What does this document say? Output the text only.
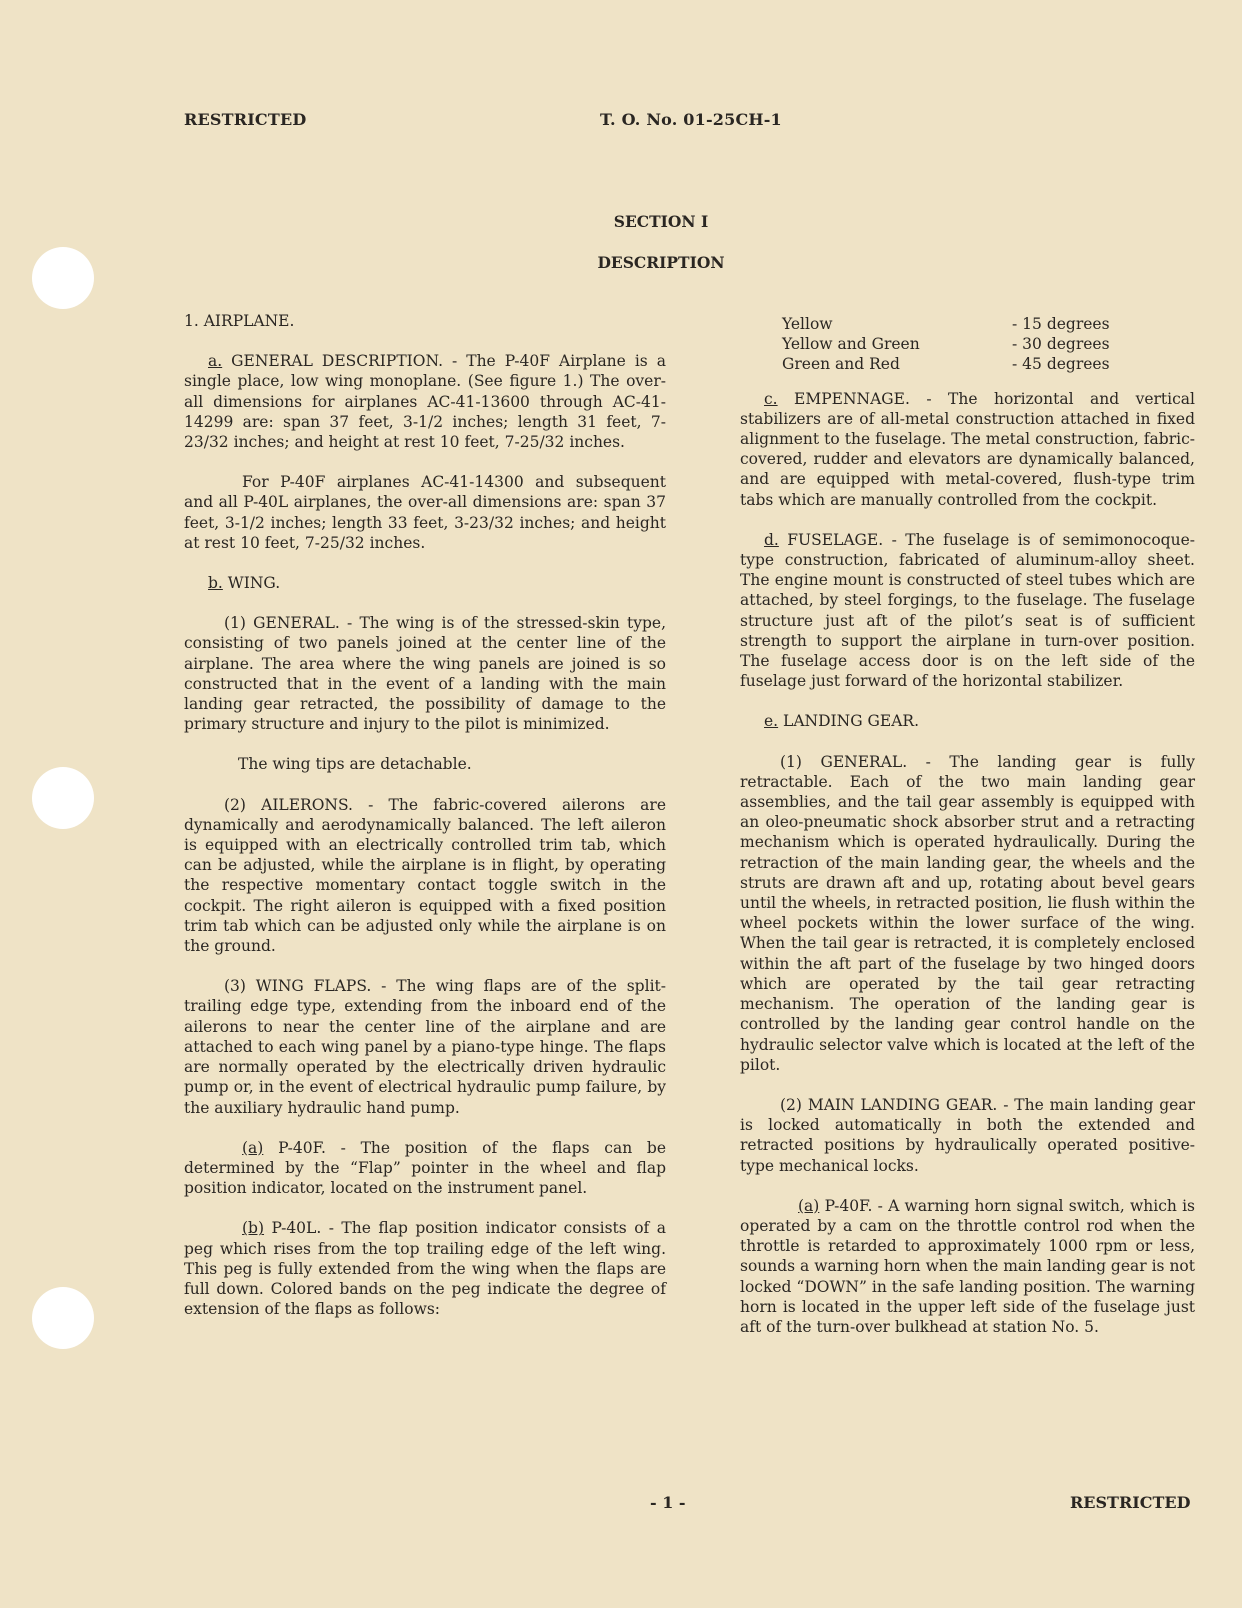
RESTRICTED	T. O. No. 01-25CH-1
SECTION I
DESCRIPTION

1. AIRPLANE.

a. GENERAL DESCRIPTION. - The P-40F Airplane is a single place, low wing monoplane. (See figure 1.) The over-all dimensions for airplanes AC-41-13600 through AC-41-14299 are: span 37 feet, 3-1/2 inches; length 31 feet, 7-23/32 inches; and height at rest 10 feet, 7-25/32 inches.

For P-40F airplanes AC-41-14300 and subsequent and all P-40L airplanes, the over-all dimensions are: span 37 feet, 3-1/2 inches; length 33 feet, 3-23/32 inches; and height at rest 10 feet, 7-25/32 inches.

b. WING.

(1) GENERAL. - The wing is of the stressed-skin type, consisting of two panels joined at the center line of the airplane. The area where the wing panels are joined is so constructed that in the event of a landing with the main landing gear retracted, the possibility of damage to the primary structure and injury to the pilot is minimized.

The wing tips are detachable.

(2) AILERONS. - The fabric-covered ailerons are dynamically and aerodynamically balanced. The left aileron is equipped with an electrically controlled trim tab, which can be adjusted, while the airplane is in flight, by operating the respective momentary contact toggle switch in the cockpit. The right aileron is equipped with a fixed position trim tab which can be adjusted only while the airplane is on the ground.

(3) WING FLAPS. - The wing flaps are of the split-trailing edge type, extending from the inboard end of the ailerons to near the center line of the airplane and are attached to each wing panel by a piano-type hinge. The flaps are normally operated by the electrically driven hydraulic pump or, in the event of electrical hydraulic pump failure, by the auxiliary hydraulic hand pump.

(a) P-40F. - The position of the flaps can be determined by the “Flap” pointer in the wheel and flap position indicator, located on the instrument panel.

(b) P-40L. - The flap position indicator consists of a peg which rises from the top trailing edge of the left wing. This peg is fully extended from the wing when the flaps are full down. Colored bands on the peg indicate the degree of extension of the flaps as follows:

Yellow	- 15 degrees
Yellow and Green	- 30 degrees
Green and Red	- 45 degrees

c. EMPENNAGE. - The horizontal and vertical stabilizers are of all-metal construction attached in fixed alignment to the fuselage. The metal construction, fabric-covered, rudder and elevators are dynamically balanced, and are equipped with metal-covered, flush-type trim tabs which are manually controlled from the cockpit.

d. FUSELAGE. - The fuselage is of semimonocoque-type construction, fabricated of aluminum-alloy sheet. The engine mount is constructed of steel tubes which are attached, by steel forgings, to the fuselage. The fuselage structure just aft of the pilot’s seat is of sufficient strength to support the airplane in turn-over position. The fuselage access door is on the left side of the fuselage just forward of the horizontal stabilizer.

e. LANDING GEAR.

(1) GENERAL. - The landing gear is fully retractable. Each of the two main landing gear assemblies, and the tail gear assembly is equipped with an oleo-pneumatic shock absorber strut and a retracting mechanism which is operated hydraulically. During the retraction of the main landing gear, the wheels and the struts are drawn aft and up, rotating about bevel gears until the wheels, in retracted position, lie flush within the wheel pockets within the lower surface of the wing. When the tail gear is retracted, it is completely enclosed within the aft part of the fuselage by two hinged doors which are operated by the tail gear retracting mechanism. The operation of the landing gear is controlled by the landing gear control handle on the hydraulic selector valve which is located at the left of the pilot.

(2) MAIN LANDING GEAR. - The main landing gear is locked automatically in both the extended and retracted positions by hydraulically operated positive-type mechanical locks.

(a) P-40F. - A warning horn signal switch, which is operated by a cam on the throttle control rod when the throttle is retarded to approximately 1000 rpm or less, sounds a warning horn when the main landing gear is not locked “DOWN” in the safe landing position. The warning horn is located in the upper left side of the fuselage just aft of the turn-over bulkhead at station No. 5.

- 1 -	RESTRICTED
